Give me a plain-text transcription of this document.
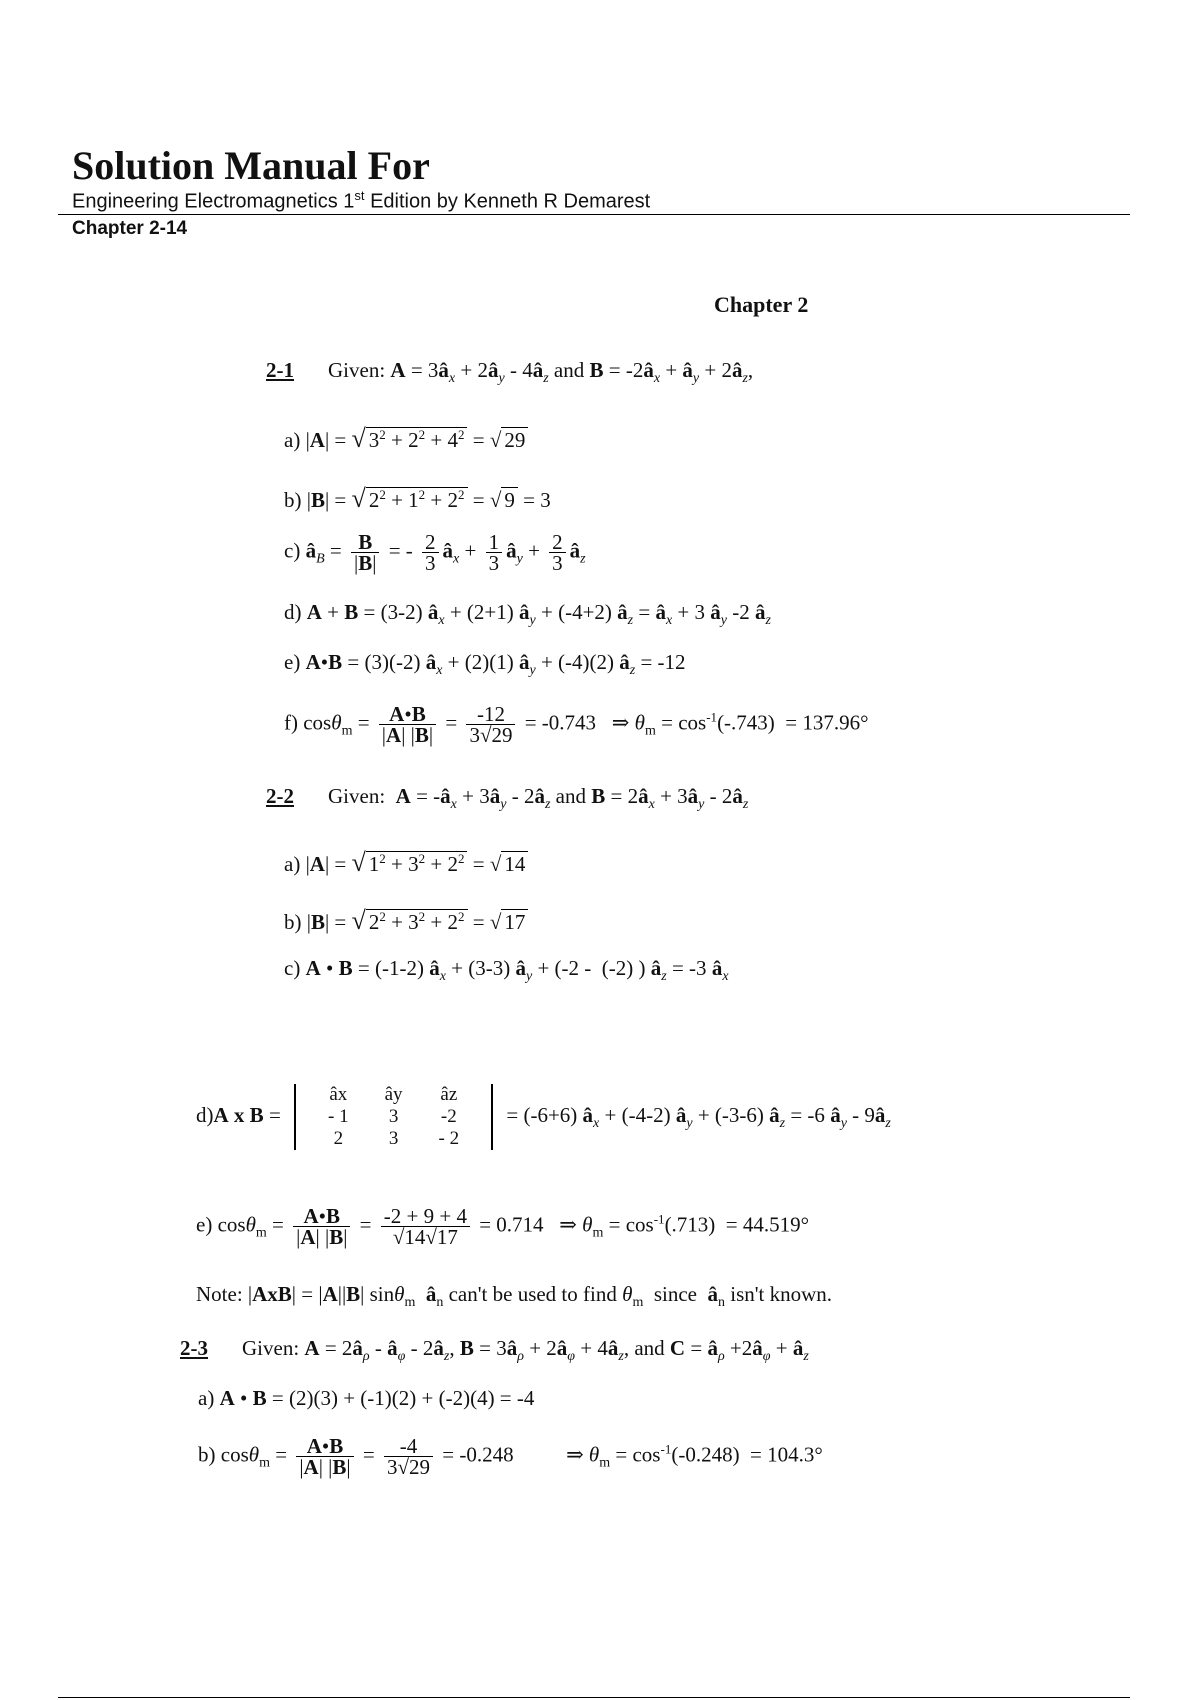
Solution Manual For
Engineering Electromagnetics 1st Edition by Kenneth R Demarest
Chapter 2-14
Chapter 2
2-1 Given: $A = 3â_x$ + $2â_y$ - $4â_z$ and $B = -2â_x$ + $â_y$ + $2â_z$,
a) |A| = √ $3^2 + 2^2 + 4^2$ = √ 29
b) |B| = √ $2^2 + 1^2 + 2^2$ = √ 9 = 3
c) $â_B = \frac{B}{|B|}$ = - $\frac{2}{3}$ $â_x + \frac{1}{3}$ $â_y + \frac{2}{3}$ $â_z$
d) A + B = (3-2) $â_x + (2+1)$ $â_y + (-4+2)$ $â_z$ = $â_x + 3$ $â_y$ -2 $â_z$
e) A•B = (3)(-2) $â_x + (2)(1)$ $â_y + (-4)(2)$ $â_z = -12$
f) $\cos\theta_m = \frac{A•B}{|A| |B|} = \frac{-12}{3√29} = -0.743$   ⇒ $\theta_m = \cos^{-1}(-.743) = 137.96^\circ$
2-2 Given:  $A = -â_x$ + $3â_y$ - $2â_z$ and $B = 2â_x$ + $3â_y$ - $2â_z$
a) |A| = √ $1^2 + 3^2 + 2^2$ = √ 14
b) |B| = √ $2^2 + 3^2 + 2^2$ = √ 17
c) A • B = (-1-2) $â_x + (3-3)$ $â_y + (-2 - (-2)$ ) $â_z = -3$ $â_x$
d)A x B =
âx	ây	âz
- 1	3	-2
2	3	- 2
= (-6+6) $â_x + (-4-2)$ $â_y + (-3-6)$ $â_z = -6$ $â_y$ - $9â_z$
e) $\cos\theta_m = \frac{A•B}{|A| |B|} = \frac{-2 + 9 + 4}{√14√17} = 0.714$   ⇒ $\theta_m = \cos^{-1}(.713) = 44.519^\circ$
Note: |AxB| = |A||B| sinθ$_m$ $â_n$ can't be used to find $\theta_m$  since  $â_n$ isn't known.
2-3 Given: $A = 2â_\rho$ - $â_\varphi$ - $2â_z$, $B = 3â_\rho$ + $2â_\varphi$ + $4â_z$, and $C = â_\rho$ $+2â_\varphi$ + $â_z$
a) A • B = (2)(3) + (-1)(2) + (-2)(4) = -4
b) $\cos\theta_m = \frac{A•B}{|A| |B|} = \frac{-4}{3√29} = -0.248$          ⇒ $\theta_m = \cos^{-1}(-0.248) = 104.3^\circ$
